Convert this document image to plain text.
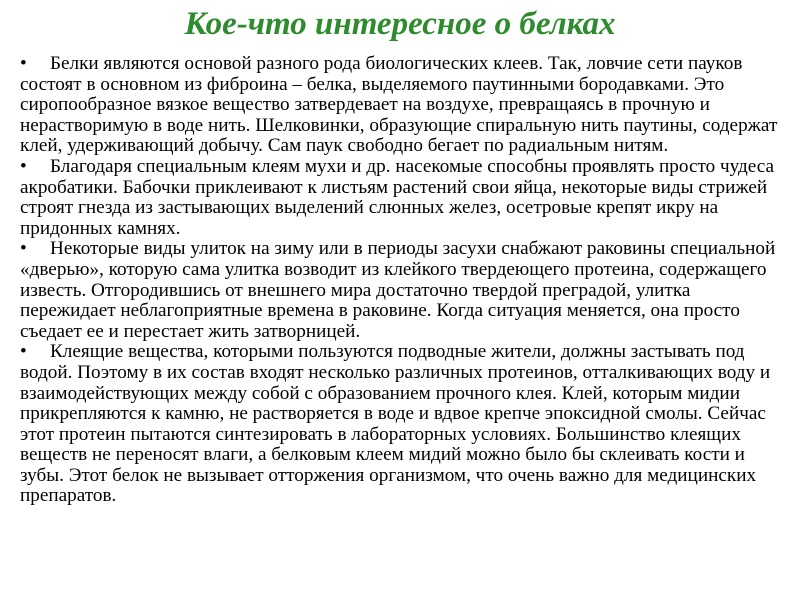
Кое-что интересное о белках

• Белки являются основой разного рода биологических клеев. Так, ловчие сети пауков состоят в основном из фиброина – белка, выделяемого паутинными бородавками. Это сиропообразное вязкое вещество затвердевает на воздухе, превращаясь в прочную и нерастворимую в воде нить. Шелковинки, образующие спиральную нить паутины, содержат клей, удерживающий добычу. Сам паук свободно бегает по радиальным нитям.

• Благодаря специальным клеям мухи и др. насекомые способны проявлять просто чудеса акробатики. Бабочки приклеивают к листьям растений свои яйца, некоторые виды стрижей строят гнезда из застывающих выделений слюнных желез, осетровые крепят икру на придонных камнях.

• Некоторые виды улиток на зиму или в периоды засухи снабжают раковины специальной «дверью», которую сама улитка возводит из клейкого твердеющего протеина, содержащего известь. Отгородившись от внешнего мира достаточно твердой преградой, улитка пережидает неблагоприятные времена в раковине. Когда ситуация меняется, она просто съедает ее и перестает жить затворницей.

• Клеящие вещества, которыми пользуются подводные жители, должны застывать под водой. Поэтому в их состав входят несколько различных протеинов, отталкивающих воду и взаимодействующих между собой с образованием прочного клея. Клей, которым мидии прикрепляются к камню, не растворяется в воде и вдвое крепче эпоксидной смолы. Сейчас этот протеин пытаются синтезировать в лабораторных условиях. Большинство клеящих веществ не переносят влаги, а белковым клеем мидий можно было бы склеивать кости и зубы. Этот белок не вызывает отторжения организмом, что очень важно для медицинских препаратов.
